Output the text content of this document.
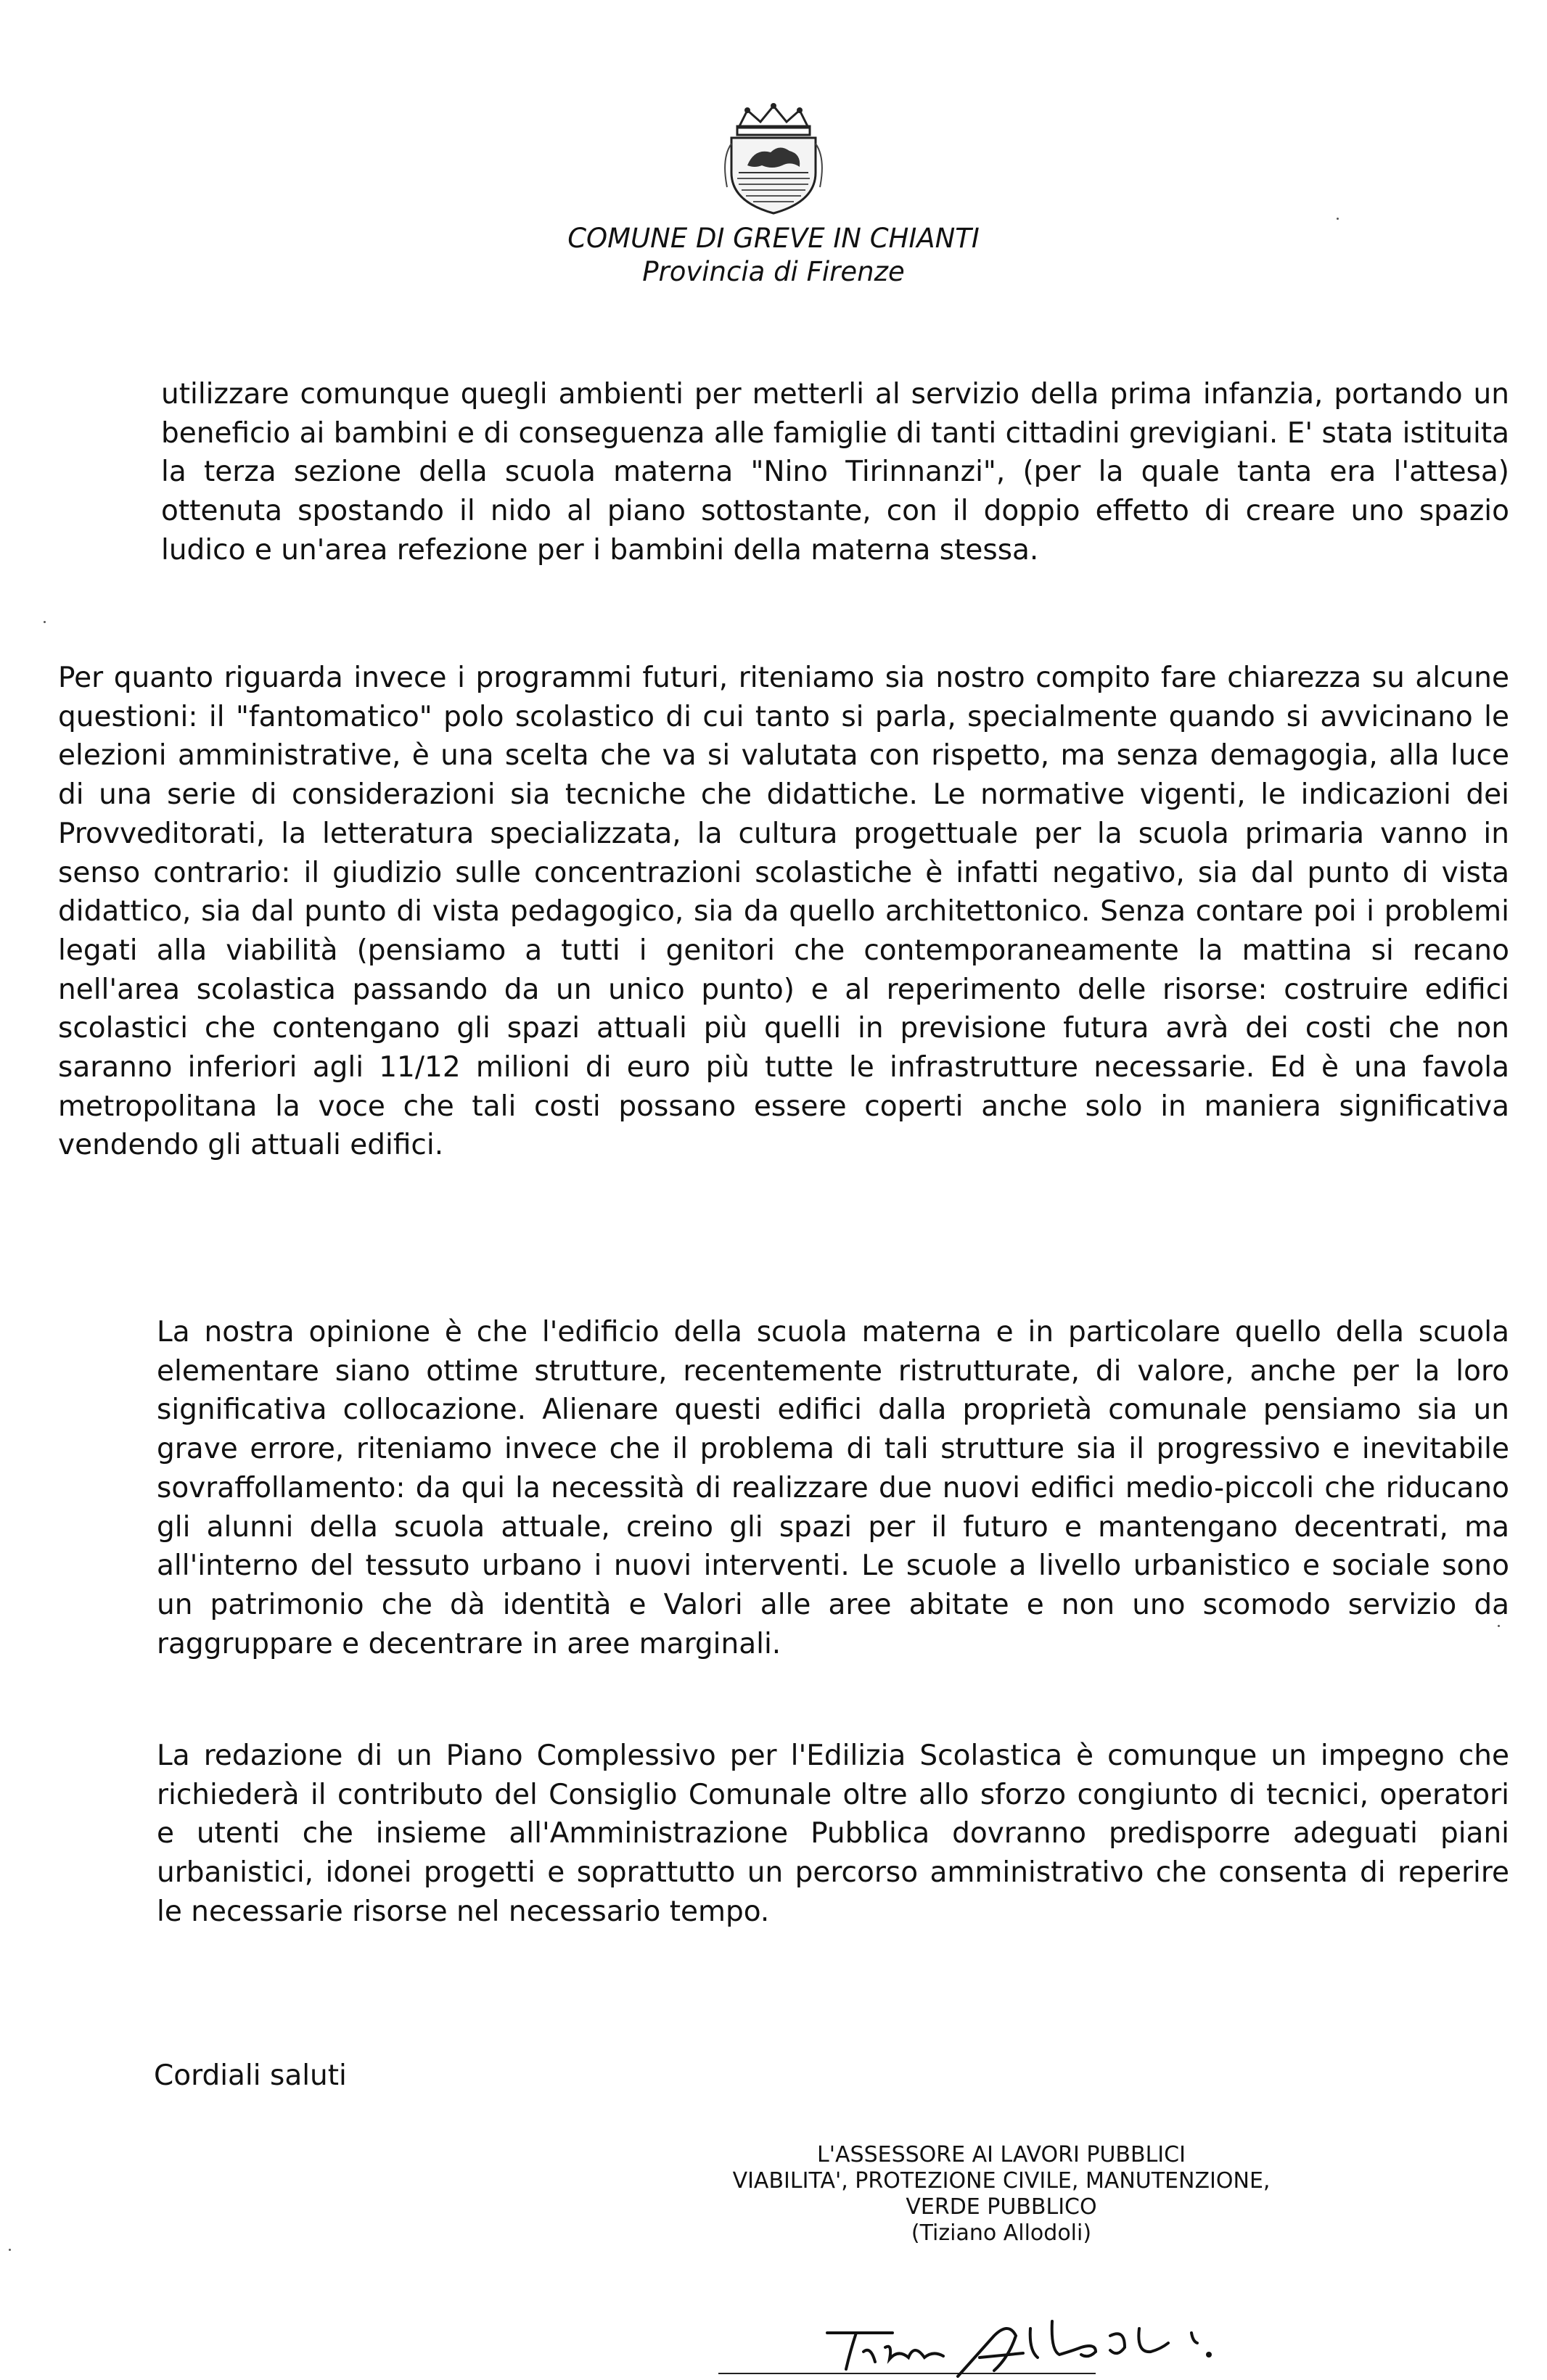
COMUNE DI GREVE IN CHIANTI
Provincia di Firenze

utilizzare comunque quegli ambienti per metterli al servizio della prima infanzia, portando un beneficio ai bambini e di conseguenza alle famiglie di tanti cittadini grevigiani. E' stata istituita la terza sezione della scuola materna "Nino Tirinnanzi", (per la quale tanta era l'attesa) ottenuta spostando il nido al piano sottostante, con il doppio effetto di creare uno spazio ludico e un'area refezione per i bambini della materna stessa.

Per quanto riguarda invece i programmi futuri, riteniamo sia nostro compito fare chiarezza su alcune questioni: il "fantomatico" polo scolastico di cui tanto si parla, specialmente quando si avvicinano le elezioni amministrative, è una scelta che va si valutata con rispetto, ma senza demagogia, alla luce di una serie di considerazioni sia tecniche che didattiche. Le normative vigenti, le indicazioni dei Provveditorati, la letteratura specializzata, la cultura progettuale per la scuola primaria vanno in senso contrario: il giudizio sulle concentrazioni scolastiche è infatti negativo, sia dal punto di vista didattico, sia dal punto di vista pedagogico, sia da quello architettonico. Senza contare poi i problemi legati alla viabilità (pensiamo a tutti i genitori che contemporaneamente la mattina si recano nell'area scolastica passando da un unico punto) e al reperimento delle risorse: costruire edifici scolastici che contengano gli spazi attuali più quelli in previsione futura avrà dei costi che non saranno inferiori agli 11/12 milioni di euro più tutte le infrastrutture necessarie. Ed è una favola metropolitana la voce che tali costi possano essere coperti anche solo in maniera significativa vendendo gli attuali edifici.

La nostra opinione è che l'edificio della scuola materna e in particolare quello della scuola elementare siano ottime strutture, recentemente ristrutturate, di valore, anche per la loro significativa collocazione. Alienare questi edifici dalla proprietà comunale pensiamo sia un grave errore, riteniamo invece che il problema di tali strutture sia il progressivo e inevitabile sovraffollamento: da qui la necessità di realizzare due nuovi edifici medio-piccoli che riducano gli alunni della scuola attuale, creino gli spazi per il futuro e mantengano decentrati, ma all'interno del tessuto urbano i nuovi interventi. Le scuole a livello urbanistico e sociale sono un patrimonio che dà identità e Valori alle aree abitate e non uno scomodo servizio da raggruppare e decentrare in aree marginali.

La redazione di un Piano Complessivo per l'Edilizia Scolastica è comunque un impegno che richiederà il contributo del Consiglio Comunale oltre allo sforzo congiunto di tecnici, operatori e utenti che insieme all'Amministrazione Pubblica dovranno predisporre adeguati piani urbanistici, idonei progetti e soprattutto un percorso amministrativo che consenta di reperire le necessarie risorse nel necessario tempo.

Cordiali saluti
L'ASSESSORE AI LAVORI PUBBLICI
VIABILITA', PROTEZIONE CIVILE, MANUTENZIONE,
VERDE PUBBLICO
(Tiziano Allodoli)
